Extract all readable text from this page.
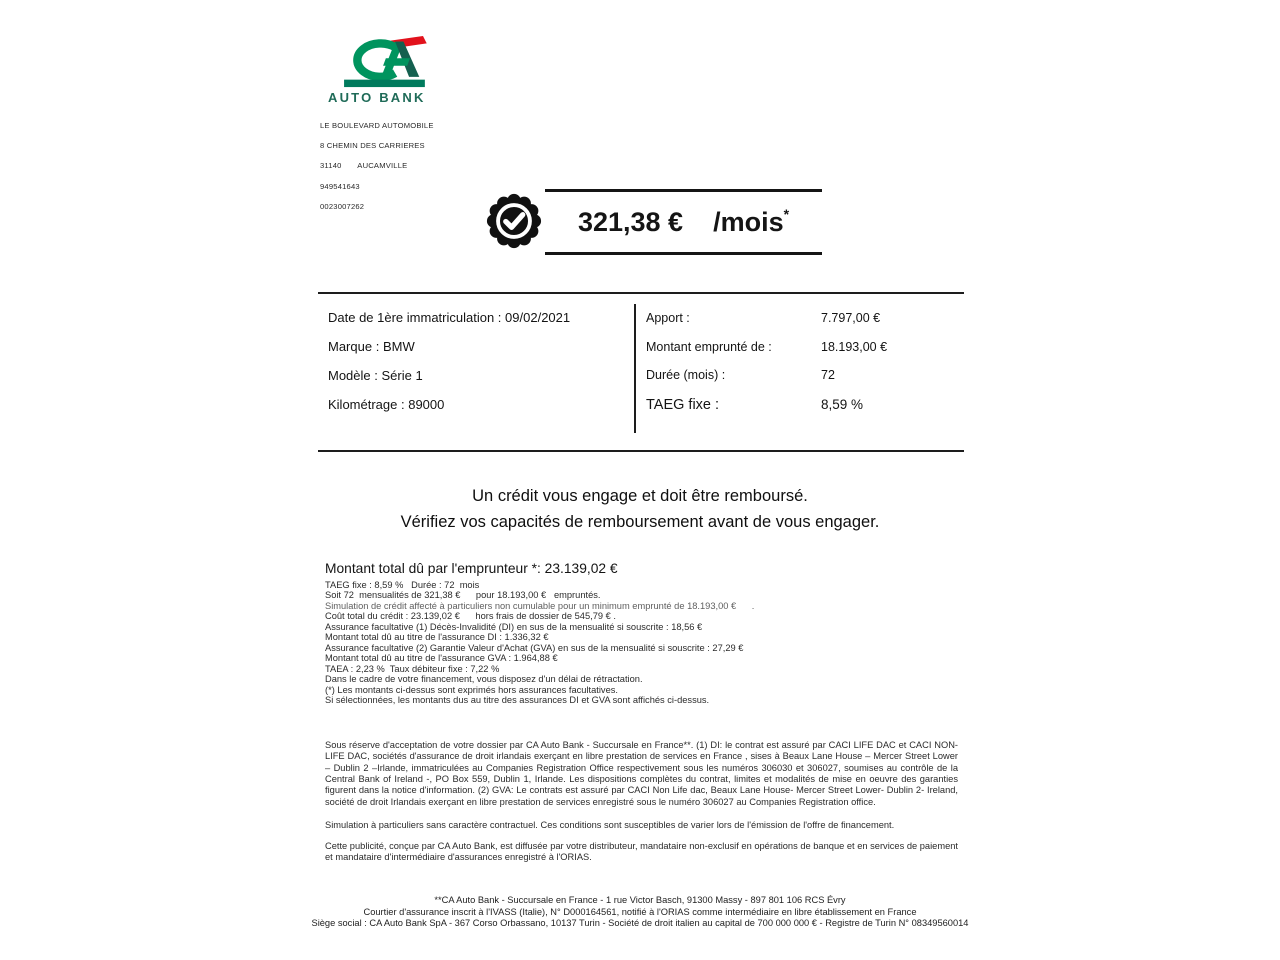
AUTO BANK
LE BOULEVARD AUTOMOBILE
8 CHEMIN DES CARRIERES
31140       AUCAMVILLE
949541643
0023007262
321,38 € /mois*
Date de 1ère immatriculation : 09/02/2021
Marque : BMW
Modèle : Série 1
Kilométrage : 89000
Apport :	7.797,00 €
Montant emprunté de :	18.193,00 €
Durée (mois) :	72
TAEG fixe :	8,59 %
Un crédit vous engage et doit être remboursé.
Vérifiez vos capacités de remboursement avant de vous engager.
Montant total dû par l'emprunteur *: 23.139,02 €
TAEG fixe : 8,59 %   Durée : 72  mois
Soit 72  mensualités de 321,38 €      pour 18.193,00 €   empruntés.
Simulation de crédit affecté à particuliers non cumulable pour un minimum emprunté de 18.193,00 €      .
Coût total du crédit : 23.139,02 €      hors frais de dossier de 545,79 € .
Assurance facultative (1) Décès-Invalidité (DI) en sus de la mensualité si souscrite : 18,56 €
Montant total dû au titre de l'assurance DI : 1.336,32 €
Assurance facultative (2) Garantie Valeur d'Achat (GVA) en sus de la mensualité si souscrite : 27,29 €
Montant total dû au titre de l'assurance GVA : 1.964,88 €
TAEA : 2,23 %  Taux débiteur fixe : 7,22 %
Dans le cadre de votre financement, vous disposez d'un délai de rétractation.
(*) Les montants ci-dessus sont exprimés hors assurances facultatives.
Si sélectionnées, les montants dus au titre des assurances DI et GVA sont affichés ci-dessus.
Sous réserve d'acceptation de votre dossier par CA Auto Bank - Succursale en France**. (1) DI: le contrat est assuré par CACI LIFE DAC et CACI NON-LIFE DAC, sociétés d'assurance de droit irlandais exerçant en libre prestation de services en France , sises à Beaux Lane House – Mercer Street Lower – Dublin 2 –Irlande, immatriculées au Companies Registration Office respectivement sous les numéros 306030 et 306027, soumises au contrôle de la Central Bank of Ireland -, PO Box 559, Dublin 1, Irlande. Les dispositions complètes du contrat, limites et modalités de mise en oeuvre des garanties figurent dans la notice d'information. (2) GVA: Le contrats est assuré par CACI Non Life dac, Beaux Lane House- Mercer Street Lower- Dublin 2- Ireland, société de droit Irlandais exerçant en libre prestation de services enregistré sous le numéro 306027 au Companies Registration office.
Simulation à particuliers sans caractère contractuel. Ces conditions sont susceptibles de varier lors de l'émission de l'offre de financement.
Cette publicité, conçue par CA Auto Bank, est diffusée par votre distributeur, mandataire non-exclusif en opérations de banque et en services de paiement et mandataire d'intermédiaire d'assurances enregistré à l'ORIAS.
**CA Auto Bank - Succursale en France - 1 rue Victor Basch, 91300 Massy - 897 801 106 RCS Évry
Courtier d'assurance inscrit à l'IVASS (Italie), N° D000164561, notifié à l'ORIAS comme intermédiaire en libre établissement en France
Siège social : CA Auto Bank SpA - 367 Corso Orbassano, 10137 Turin - Société de droit italien au capital de 700 000 000 € - Registre de Turin N° 08349560014
